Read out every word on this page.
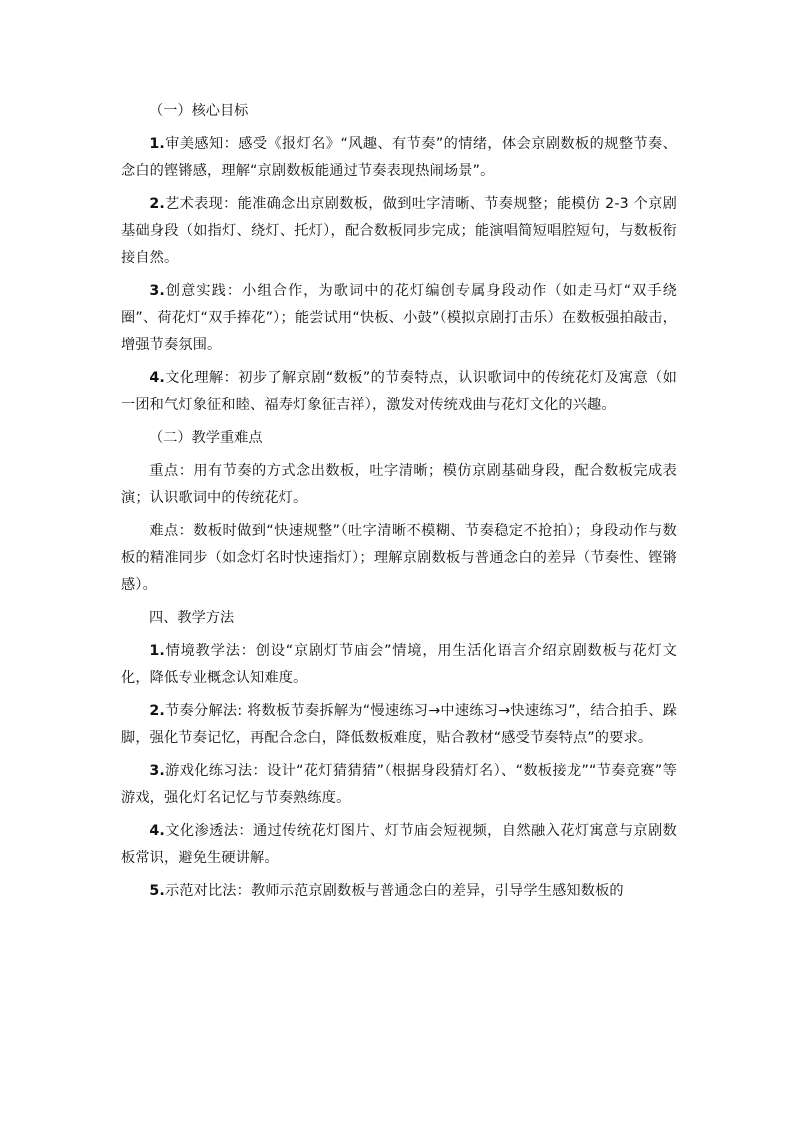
（一）核心目标

1.审美感知：感受《报灯名》“风趣、有节奏”的情绪，体会京剧数板的规整节奏、念白的铿锵感，理解“京剧数板能通过节奏表现热闹场景”。

2.艺术表现：能准确念出京剧数板，做到吐字清晰、节奏规整；能模仿 2-3 个京剧基础身段（如指灯、绕灯、托灯），配合数板同步完成；能演唱简短唱腔短句，与数板衔接自然。

3.创意实践：小组合作，为歌词中的花灯编创专属身段动作（如走马灯“双手绕圈”、荷花灯“双手捧花”）；能尝试用“快板、小鼓”（模拟京剧打击乐）在数板强拍敲击，增强节奏氛围。

4.文化理解：初步了解京剧“数板”的节奏特点，认识歌词中的传统花灯及寓意（如一团和气灯象征和睦、福寿灯象征吉祥），激发对传统戏曲与花灯文化的兴趣。

（二）教学重难点

重点：用有节奏的方式念出数板，吐字清晰；模仿京剧基础身段，配合数板完成表演；认识歌词中的传统花灯。

难点：数板时做到“快速规整”（吐字清晰不模糊、节奏稳定不抢拍）；身段动作与数板的精准同步（如念灯名时快速指灯）；理解京剧数板与普通念白的差异（节奏性、铿锵感）。

四、教学方法

1.情境教学法：创设“京剧灯节庙会”情境，用生活化语言介绍京剧数板与花灯文化，降低专业概念认知难度。

2.节奏分解法: 将数板节奏拆解为“慢速练习→中速练习→快速练习”，结合拍手、跺脚，强化节奏记忆，再配合念白，降低数板难度，贴合教材“感受节奏特点”的要求。

3.游戏化练习法：设计“花灯猜猜猜”（根据身段猜灯名）、“数板接龙”“节奏竞赛”等游戏，强化灯名记忆与节奏熟练度。

4.文化渗透法：通过传统花灯图片、灯节庙会短视频，自然融入花灯寓意与京剧数板常识，避免生硬讲解。

5.示范对比法：教师示范京剧数板与普通念白的差异，引导学生感知数板的
